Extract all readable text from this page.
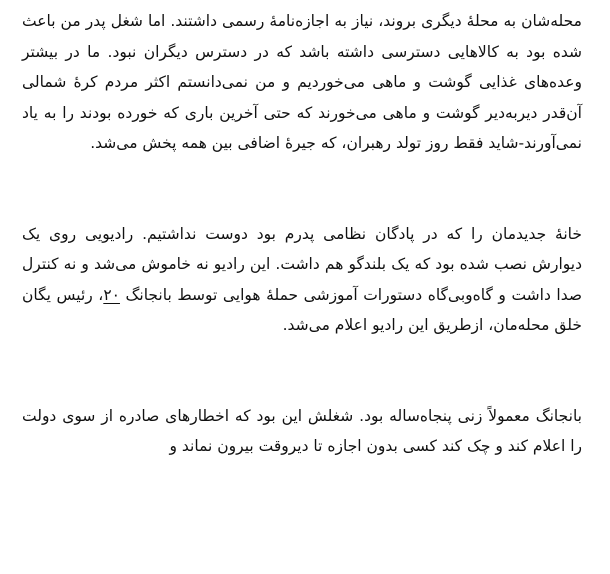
محله‌شان به محلهٔ دیگری بروند، نیاز به اجازه‌نامهٔ رسمی داشتند. اما شغل پدر من باعث شده بود به کالاهایی دسترسی داشته باشد که در دسترس دیگران نبود. ما در بیشتر وعده‌های غذایی گوشت و ماهی می‌خوردیم و من نمی‌دانستم اکثر مردم کرهٔ شمالی آن‌قدر دیربه‌دیر گوشت و ماهی می‌خورند که حتی آخرین باری که خورده بودند را به یاد نمی‌آورند-شاید فقط روز تولد رهبران، که جیرهٔ اضافی بین همه پخش می‌شد.

خانهٔ جدیدمان را که در پادگان نظامی پدرم بود دوست نداشتیم. رادیویی روی یک دیوارش نصب شده بود که یک بلندگو هم داشت. این رادیو نه خاموش می‌شد و نه کنترل صدا داشت و گاه‌وبی‌گاه دستورات آموزشی حملهٔ هوایی توسط بانجانگ ۲۰، رئیس یگان خلق محله‌مان، ازطریق این رادیو اعلام می‌شد.

بانجانگ معمولاً زنی پنجاه‌ساله بود. شغلش این بود که اخطارهای صادره از سوی دولت را اعلام کند و چک کند کسی بدون اجازه تا دیروقت بیرون نماند و
